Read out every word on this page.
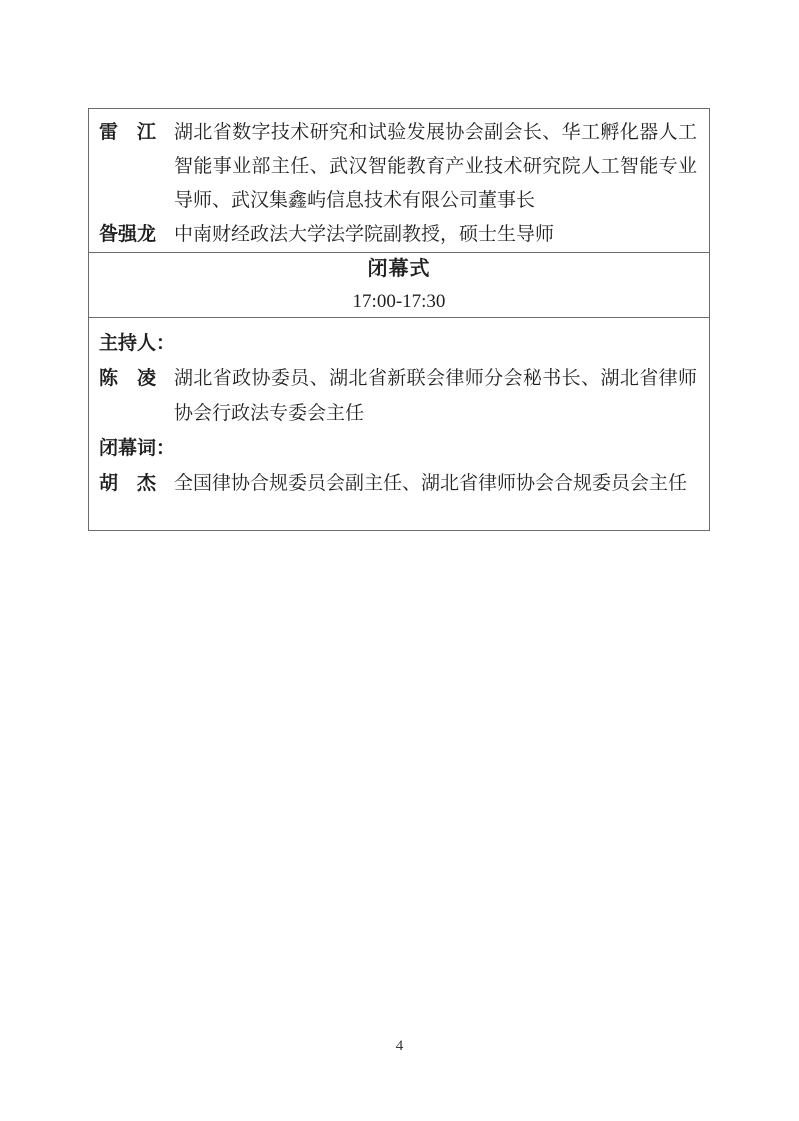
雷　江 湖北省数字技术研究和试验发展协会副会长、华工孵化器人工智能事业部主任、武汉智能教育产业技术研究院人工智能专业导师、武汉集鑫屿信息技术有限公司董事长
昝强龙 中南财经政法大学法学院副教授，硕士生导师
闭幕式
17:00-17:30
主持人：
陈　凌 湖北省政协委员、湖北省新联会律师分会秘书长、湖北省律师协会行政法专委会主任
闭幕词：
胡　杰 全国律协合规委员会副主任、湖北省律师协会合规委员会主任
4
